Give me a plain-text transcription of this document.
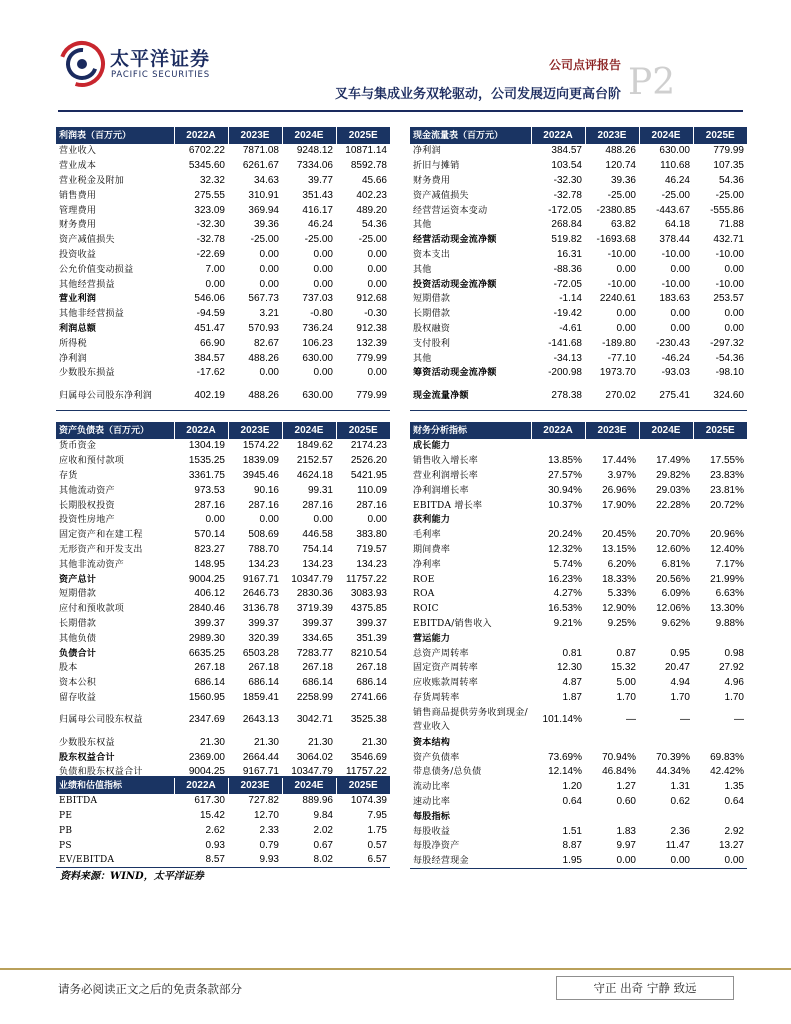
太平洋证券
PACIFIC SECURITIES
公司点评报告
叉车与集成业务双轮驱动，公司发展迈向更高台阶 P2
利润表（百万元）	2022A	2023E	2024E	2025E
营业收入	6702.22	7871.08	9248.12	10871.14
营业成本	5345.60	6261.67	7334.06	8592.78
营业税金及附加	32.32	34.63	39.77	45.66
销售费用	275.55	310.91	351.43	402.23
管理费用	323.09	369.94	416.17	489.20
财务费用	-32.30	39.36	46.24	54.36
资产减值损失	-32.78	-25.00	-25.00	-25.00
投资收益	-22.69	0.00	0.00	0.00
公允价值变动损益	7.00	0.00	0.00	0.00
其他经营损益	0.00	0.00	0.00	0.00
营业利润	546.06	567.73	737.03	912.68
其他非经营损益	-94.59	3.21	-0.80	-0.30
利润总额	451.47	570.93	736.24	912.38
所得税	66.90	82.67	106.23	132.39
净利润	384.57	488.26	630.00	779.99
少数股东损益	-17.62	0.00	0.00	0.00
归属母公司股东净利润	402.19	488.26	630.00	779.99
现金流量表（百万元）	2022A	2023E	2024E	2025E
净利润	384.57	488.26	630.00	779.99
折旧与摊销	103.54	120.74	110.68	107.35
财务费用	-32.30	39.36	46.24	54.36
资产减值损失	-32.78	-25.00	-25.00	-25.00
经营营运资本变动	-172.05	-2380.85	-443.67	-555.86
其他	268.84	63.82	64.18	71.88
经营活动现金流净额	519.82	-1693.68	378.44	432.71
资本支出	16.31	-10.00	-10.00	-10.00
其他	-88.36	0.00	0.00	0.00
投资活动现金流净额	-72.05	-10.00	-10.00	-10.00
短期借款	-1.14	2240.61	183.63	253.57
长期借款	-19.42	0.00	0.00	0.00
股权融资	-4.61	0.00	0.00	0.00
支付股利	-141.68	-189.80	-230.43	-297.32
其他	-34.13	-77.10	-46.24	-54.36
筹资活动现金流净额	-200.98	1973.70	-93.03	-98.10
现金流量净额	278.38	270.02	275.41	324.60
资产负债表（百万元）	2022A	2023E	2024E	2025E
货币资金	1304.19	1574.22	1849.62	2174.23
应收和预付款项	1535.25	1839.09	2152.57	2526.20
存货	3361.75	3945.46	4624.18	5421.95
其他流动资产	973.53	90.16	99.31	110.09
长期股权投资	287.16	287.16	287.16	287.16
投资性房地产	0.00	0.00	0.00	0.00
固定资产和在建工程	570.14	508.69	446.58	383.80
无形资产和开发支出	823.27	788.70	754.14	719.57
其他非流动资产	148.95	134.23	134.23	134.23
资产总计	9004.25	9167.71	10347.79	11757.22
短期借款	406.12	2646.73	2830.36	3083.93
应付和预收款项	2840.46	3136.78	3719.39	4375.85
长期借款	399.37	399.37	399.37	399.37
其他负债	2989.30	320.39	334.65	351.39
负债合计	6635.25	6503.28	7283.77	8210.54
股本	267.18	267.18	267.18	267.18
资本公积	686.14	686.14	686.14	686.14
留存收益	1560.95	1859.41	2258.99	2741.66
归属母公司股东权益	2347.69	2643.13	3042.71	3525.38
少数股东权益	21.30	21.30	21.30	21.30
股东权益合计	2369.00	2664.44	3064.02	3546.69
负债和股东权益合计	9004.25	9167.71	10347.79	11757.22
业绩和估值指标	2022A	2023E	2024E	2025E
EBITDA	617.30	727.82	889.96	1074.39
PE	15.42	12.70	9.84	7.95
PB	2.62	2.33	2.02	1.75
PS	0.93	0.79	0.67	0.57
EV/EBITDA	8.57	9.93	8.02	6.57
财务分析指标	2022A	2023E	2024E	2025E
成长能力				
销售收入增长率	13.85%	17.44%	17.49%	17.55%
营业利润增长率	27.57%	3.97%	29.82%	23.83%
净利润增长率	30.94%	26.96%	29.03%	23.81%
EBITDA 增长率	10.37%	17.90%	22.28%	20.72%
获利能力				
毛利率	20.24%	20.45%	20.70%	20.96%
期间费率	12.32%	13.15%	12.60%	12.40%
净利率	5.74%	6.20%	6.81%	7.17%
ROE	16.23%	18.33%	20.56%	21.99%
ROA	4.27%	5.33%	6.09%	6.63%
ROIC	16.53%	12.90%	12.06%	13.30%
EBITDA/销售收入	9.21%	9.25%	9.62%	9.88%
营运能力				
总资产周转率	0.81	0.87	0.95	0.98
固定资产周转率	12.30	15.32	20.47	27.92
应收账款周转率	4.87	5.00	4.94	4.96
存货周转率	1.87	1.70	1.70	1.70
销售商品提供劳务收到现金/营业收入	101.14%	—	—	—
资本结构				
资产负债率	73.69%	70.94%	70.39%	69.83%
带息债务/总负债	12.14%	46.84%	44.34%	42.42%
流动比率	1.20	1.27	1.31	1.35
速动比率	0.64	0.60	0.62	0.64
每股指标				
每股收益	1.51	1.83	2.36	2.92
每股净资产	8.87	9.97	11.47	13.27
每股经营现金	1.95	0.00	0.00	0.00
资料来源：WIND，太平洋证券
请务必阅读正文之后的免责条款部分	守正 出奇 宁静 致远
